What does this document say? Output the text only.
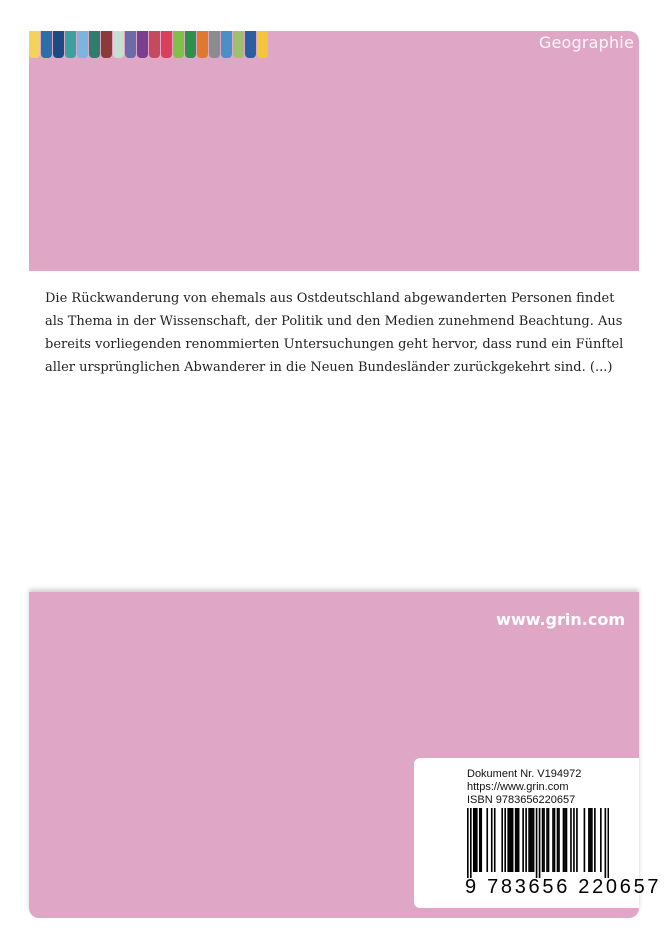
Geographie

Die Rückwanderung von ehemals aus Ostdeutschland abgewanderten Personen findet als Thema in der Wissenschaft, der Politik und den Medien zunehmend Beachtung. Aus bereits vorliegenden renommierten Untersuchungen geht hervor, dass rund ein Fünftel aller ursprünglichen Abwanderer in die Neuen Bundesländer zurückgekehrt sind. (...)

www.grin.com
Dokument Nr. V194972
https://www.grin.com
ISBN 9783656220657
9 783656 220657
